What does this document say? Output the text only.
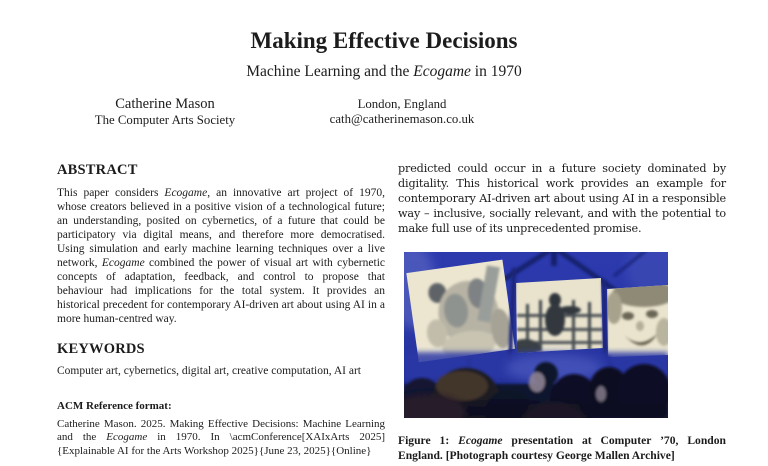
Making Effective Decisions
Machine Learning and the Ecogame in 1970
Catherine Mason
The Computer Arts Society
London, England
cath@catherinemason.co.uk
ABSTRACT

This paper considers Ecogame, an innovative art project of 1970, whose creators believed in a positive vision of a technological future; an understanding, posited on cybernetics, of a future that could be participatory via digital means, and therefore more democratised. Using simulation and early machine learning techniques over a live network, Ecogame combined the power of visual art with cybernetic concepts of adaptation, feedback, and control to propose that behaviour had implications for the total system. It provides an historical precedent for contemporary AI-driven art about using AI in a more human-centred way.

KEYWORDS

Computer art, cybernetics, digital art, creative computation, AI art

ACM Reference format:

Catherine Mason. 2025. Making Effective Decisions: Machine Learning and the Ecogame in 1970. In \acmConference[XAIxArts 2025]{Explainable AI for the Arts Workshop 2025}{June 23, 2025}{Online}

predicted could occur in a future society dominated by digitality. This historical work provides an example for contemporary AI-driven art about using AI in a responsible way – inclusive, socially relevant, and with the potential to make full use of its unprecedented promise.

Figure 1: Ecogame presentation at Computer ’70, London England. [Photograph courtesy George Mallen Archive]
